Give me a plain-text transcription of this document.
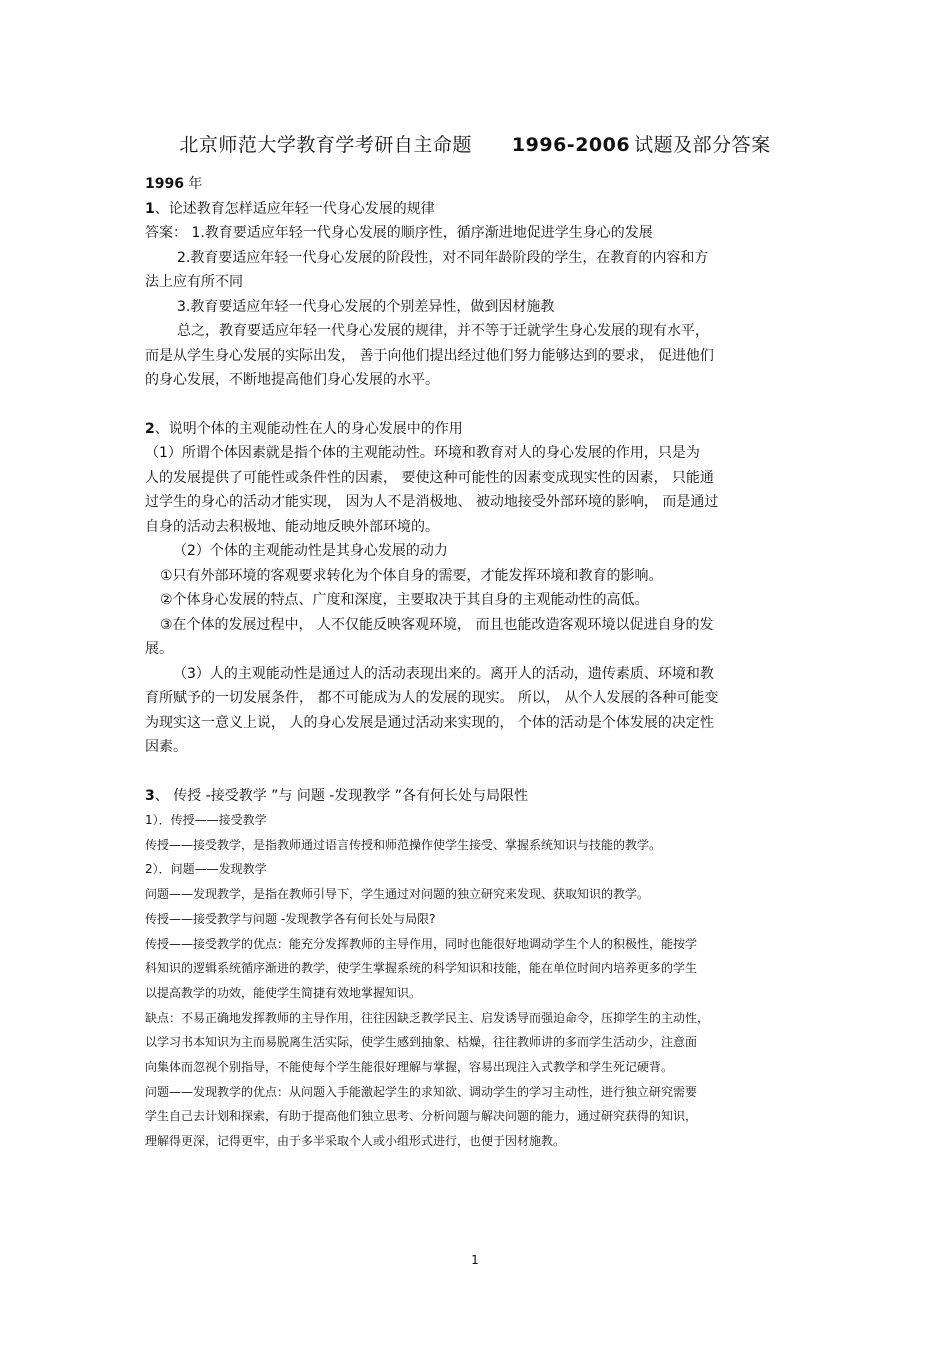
北京师范大学教育学考研自主命题 1996-2006 试题及部分答案
1996 年
1、论述教育怎样适应年轻一代身心发展的规律
答案： 1.教育要适应年轻一代身心发展的顺序性，循序渐进地促进学生身心的发展
2.教育要适应年轻一代身心发展的阶段性，对不同年龄阶段的学生，在教育的内容和方
法上应有所不同
3.教育要适应年轻一代身心发展的个别差异性，做到因材施教
总之，教育要适应年轻一代身心发展的规律，并不等于迁就学生身心发展的现有水平，
而是从学生身心发展的实际出发， 善于向他们提出经过他们努力能够达到的要求， 促进他们
的身心发展，不断地提高他们身心发展的水平。
2、说明个体的主观能动性在人的身心发展中的作用
（1）所谓个体因素就是指个体的主观能动性。环境和教育对人的身心发展的作用，只是为
人的发展提供了可能性或条件性的因素， 要使这种可能性的因素变成现实性的因素， 只能通
过学生的身心的活动才能实现， 因为人不是消极地、 被动地接受外部环境的影响， 而是通过
自身的活动去积极地、能动地反映外部环境的。
（2）个体的主观能动性是其身心发展的动力
①只有外部环境的客观要求转化为个体自身的需要，才能发挥环境和教育的影响。
②个体身心发展的特点、广度和深度，主要取决于其自身的主观能动性的高低。
③在个体的发展过程中， 人不仅能反映客观环境， 而且也能改造客观环境以促进自身的发
展。
（3）人的主观能动性是通过人的活动表现出来的。离开人的活动，遗传素质、环境和教
育所赋予的一切发展条件， 都不可能成为人的发展的现实。 所以， 从个人发展的各种可能变
为现实这一意义上说， 人的身心发展是通过活动来实现的， 个体的活动是个体发展的决定性
因素。
3、 传授 -接受教学 ”与 问题 -发现教学 ”各有何长处与局限性
1）．传授——接受教学
传授——接受教学，是指教师通过语言传授和师范操作使学生接受、掌握系统知识与技能的教学。
2）．问题——发现教学
问题——发现教学，是指在教师引导下，学生通过对问题的独立研究来发现、获取知识的教学。
传授——接受教学与问题 -发现教学各有何长处与局限?
传授——接受教学的优点：能充分发挥教师的主导作用，同时也能很好地调动学生个人的积极性，能按学
科知识的逻辑系统循序渐进的教学，使学生掌握系统的科学知识和技能，能在单位时间内培养更多的学生
以提高教学的功效，能使学生简捷有效地掌握知识。
缺点：不易正确地发挥教师的主导作用，往往因缺乏教学民主、启发诱导而强迫命令，压抑学生的主动性，
以学习书本知识为主而易脱离生活实际，使学生感到抽象、枯燥，往往教师讲的多而学生活动少，注意面
向集体而忽视个别指导，不能使每个学生能很好理解与掌握，容易出现注入式教学和学生死记硬背。
问题——发现教学的优点：从问题入手能激起学生的求知欲、调动学生的学习主动性，进行独立研究需要
学生自己去计划和探索，有助于提高他们独立思考、分析问题与解决问题的能力，通过研究获得的知识，
理解得更深，记得更牢，由于多半采取个人或小组形式进行，也便于因材施教。
1
